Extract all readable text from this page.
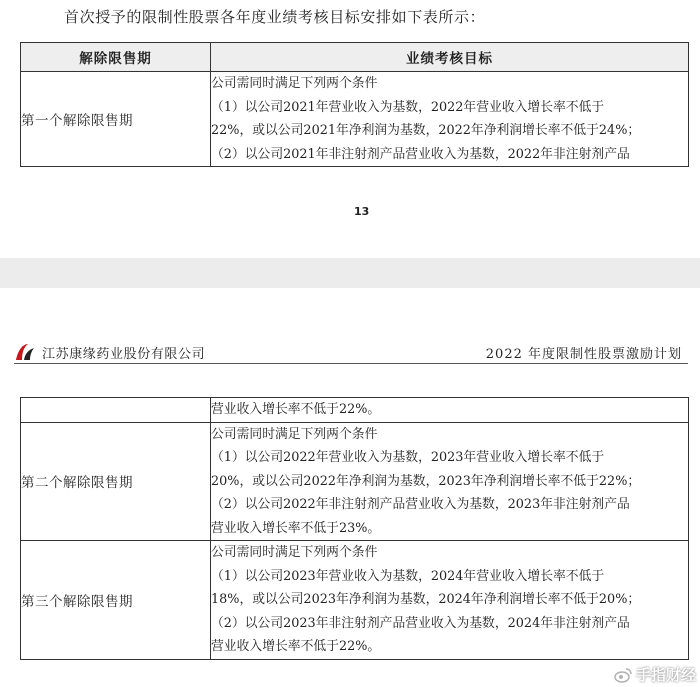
首次授予的限制性股票各年度业绩考核目标安排如下表所示：
解除限售期	业绩考核目标
第一个解除限售期	公司需同时满足下列两个条件
（1）以公司2021年营业收入为基数，2022年营业收入增长率不低于
22%，或以公司2021年净利润为基数，2022年净利润增长率不低于24%；
（2）以公司2021年非注射剂产品营业收入为基数，2022年非注射剂产品
13
江苏康缘药业股份有限公司	2022 年度限制性股票激励计划

	营业收入增长率不低于22%。

第二个解除限售期	公司需同时满足下列两个条件
（1）以公司2022年营业收入为基数，2023年营业收入增长率不低于
20%，或以公司2022年净利润为基数，2023年净利润增长率不低于22%；
（2）以公司2022年非注射剂产品营业收入为基数，2023年非注射剂产品
营业收入增长率不低于23%。

第三个解除限售期	公司需同时满足下列两个条件
（1）以公司2023年营业收入为基数，2024年营业收入增长率不低于
18%，或以公司2023年净利润为基数，2024年净利润增长率不低于20%；
（2）以公司2023年非注射剂产品营业收入为基数，2024年非注射剂产品
营业收入增长率不低于22%。
手指财经
